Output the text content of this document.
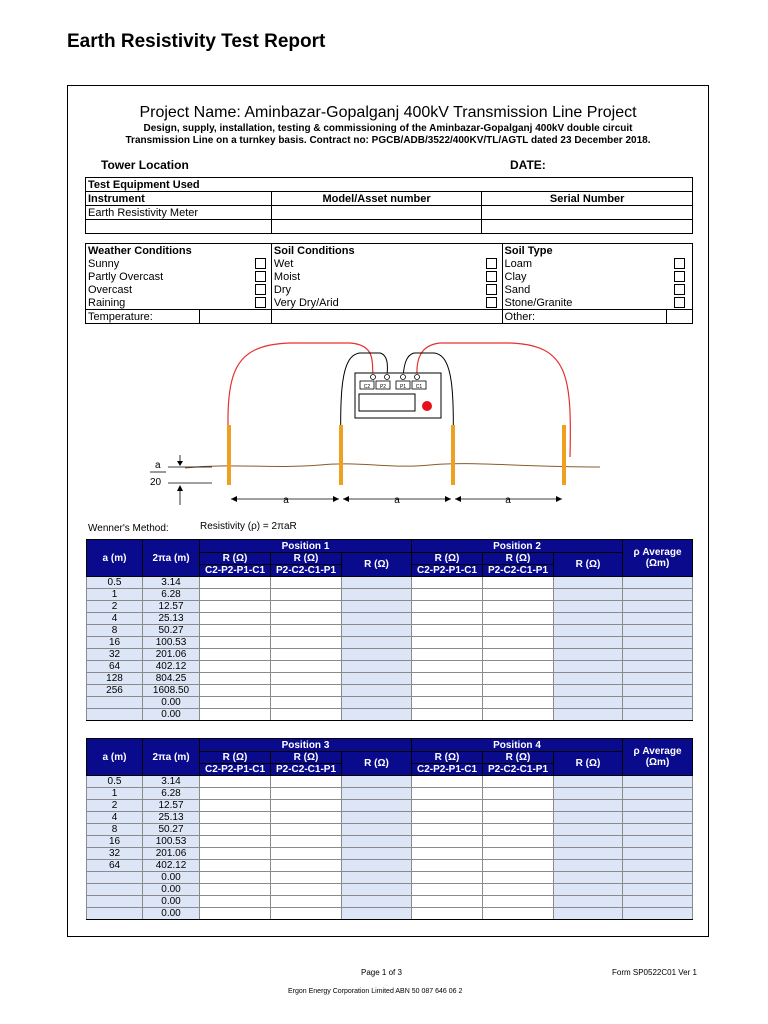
Earth Resistivity Test Report
Project Name: Aminbazar-Gopalganj 400kV Transmission Line Project
Design, supply, installation, testing & commissioning of the Aminbazar-Gopalganj 400kV double circuit
Transmission Line on a turnkey basis. Contract no: PGCB/ADB/3522/400KV/TL/AGTL dated 23 December 2018.
Tower Location	DATE:
Test Equipment Used		
Instrument	Model/Asset number	Serial Number
Earth Resistivity Meter		

Weather Conditions			Soil Conditions		Soil Type	
Sunny			Wet		Loam	
Partly Overcast			Moist		Clay	
Overcast			Dry		Sand	
Raining			Very Dry/Arid		Stone/Granite	
Temperature:					Other:	
C2 P2	P1 C1
a
20
a	a	a
Wenner's Method:	Resistivity (ρ) = 2πaR
a (m)	2πa (m)	Position 1			Position 2			ρ Average
(Ωm)

		R (Ω)	R (Ω)	R (Ω)	R (Ω)	R (Ω)	R (Ω)	
		C2-P2-P1-C1	P2-C2-C1-P1		C2-P2-P1-C1	P2-C2-C1-P1		
0.5	3.14							
1	6.28							
2	12.57							
4	25.13							
8	50.27							
16	100.53							
32	201.06							
64	402.12							
128	804.25							
256	1608.50							
	0.00							
	0.00							
a (m)	2πa (m)	Position 3			Position 4			ρ Average
(Ωm)

		R (Ω)	R (Ω)	R (Ω)	R (Ω)	R (Ω)	R (Ω)	
		C2-P2-P1-C1	P2-C2-C1-P1		C2-P2-P1-C1	P2-C2-C1-P1		
0.5	3.14							
1	6.28							
2	12.57							
4	25.13							
8	50.27							
16	100.53							
32	201.06							
64	402.12							
	0.00							
	0.00							
	0.00							
	0.00							
Page 1 of 3	Form SP0522C01 Ver 1
Ergon Energy Corporation Limited ABN 50 087 646 06 2
